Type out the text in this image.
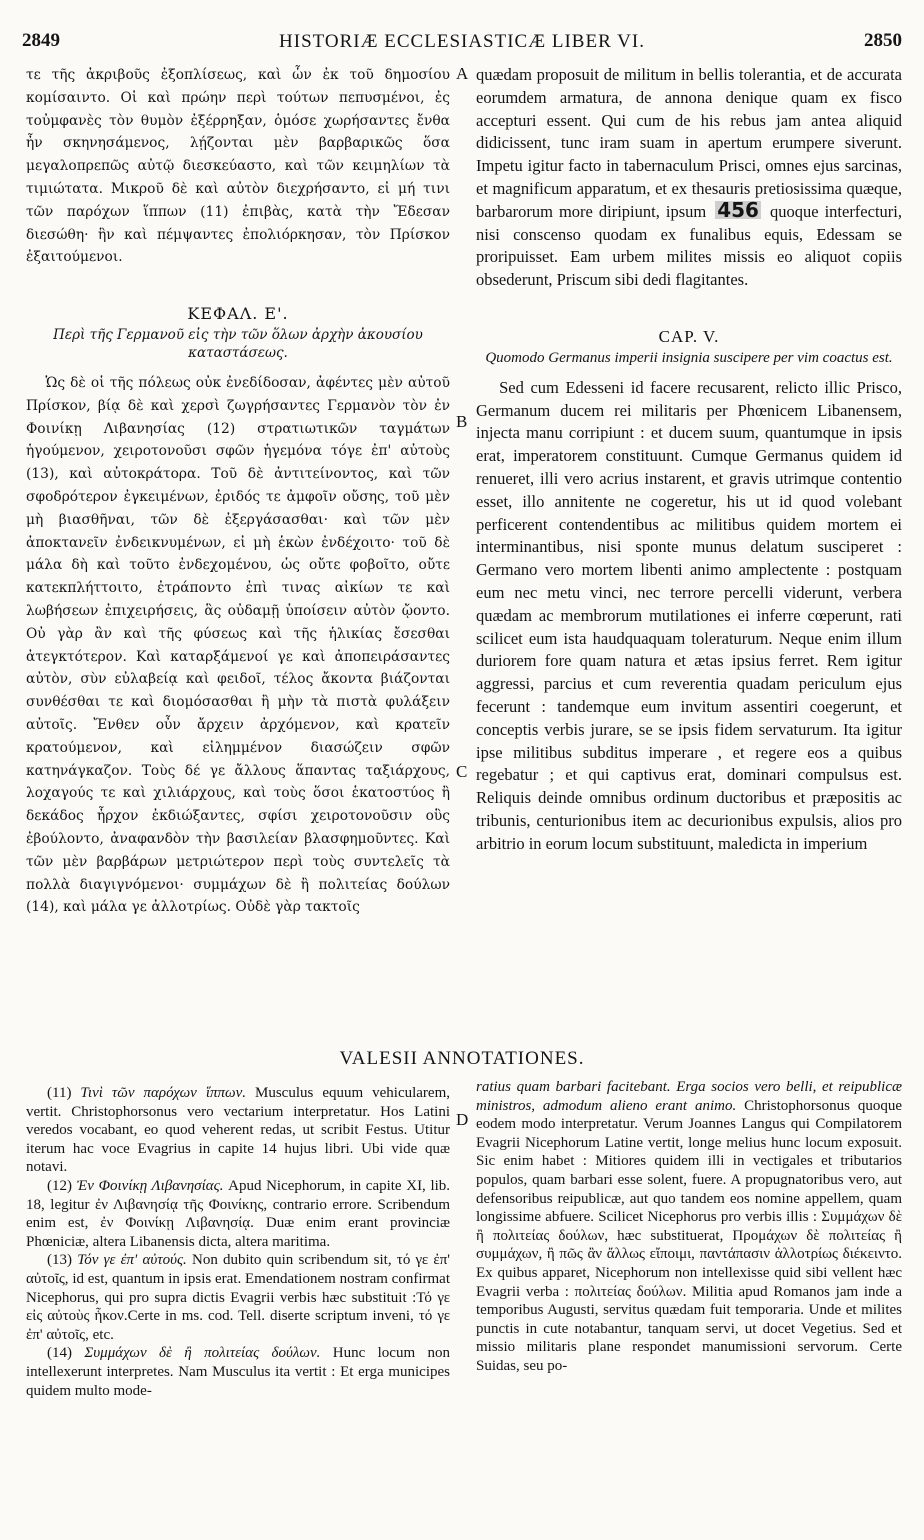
2849	HISTORIÆ ECCLESIASTICÆ LIBER VI.	2850
A
B
C
D

τε τῆς ἀκριβοῦς ἐξοπλίσεως, καὶ ὧν ἐκ τοῦ δημοσίου κομίσαιντο. Οἱ καὶ πρώην περὶ τούτων πεπυσμένοι, ἐς τοὐμφανὲς τὸν θυμὸν ἐξέρρηξαν, ὁμόσε χωρήσαντες ἔνθα ἦν σκηνησάμενος, λῄζονται μὲν βαρβαρικῶς ὅσα μεγαλοπρεπῶς αὐτῷ διεσκεύαστο, καὶ τῶν κειμηλίων τὰ τιμιώτατα. Μικροῦ δὲ καὶ αὐτὸν διεχρήσαντο, εἰ μή τινι τῶν παρόχων ἵππων (11) ἐπιβὰς, κατὰ τὴν Ἔδεσαν διεσώθη· ἣν καὶ πέμψαντες ἐπολιόρκησαν, τὸν Πρίσκον ἐξαιτούμενοι.

ΚΕΦΑΛ. Ε'.

Περὶ τῆς Γερμανοῦ εἰς τὴν τῶν ὅλων ἀρχὴν ἀκουσίου καταστάσεως.

Ὡς δὲ οἱ τῆς πόλεως οὐκ ἐνεδίδοσαν, ἀφέντες μὲν αὐτοῦ Πρίσκον, βίᾳ δὲ καὶ χερσὶ ζωγρήσαντες Γερμανὸν τὸν ἐν Φοινίκῃ Λιβανησίας (12) στρατιωτικῶν ταγμάτων ἡγούμενον, χειροτονοῦσι σφῶν ἡγεμόνα τόγε ἐπ' αὐτοὺς (13), καὶ αὐτοκράτορα. Τοῦ δὲ ἀντιτείνοντος, καὶ τῶν σφοδρότερον ἐγκειμένων, ἐριδός τε ἀμφοῖν οὔσης, τοῦ μὲν μὴ βιασθῆναι, τῶν δὲ ἐξεργάσασθαι· καὶ τῶν μὲν ἀποκτανεῖν ἐνδεικνυμένων, εἰ μὴ ἑκὼν ἐνδέχοιτο· τοῦ δὲ μάλα δὴ καὶ τοῦτο ἐνδεχομένου, ὡς οὔτε φοβοῖτο, οὔτε κατεκπλήττοιτο, ἐτράποντο ἐπὶ τινας αἰκίων τε καὶ λωβήσεων ἐπιχειρήσεις, ἃς οὐδαμῇ ὑποίσειν αὐτὸν ᾤοντο. Οὐ γὰρ ἂν καὶ τῆς φύσεως καὶ τῆς ἡλικίας ἔσεσθαι ἀτεγκτότερον. Καὶ καταρξάμενοί γε καὶ ἀποπειράσαντες αὐτὸν, σὺν εὐλαβείᾳ καὶ φειδοῖ, τέλος ἄκοντα βιάζονται συνθέσθαι τε καὶ διομόσασθαι ἢ μὴν τὰ πιστὰ φυλάξειν αὐτοῖς. Ἔνθεν οὖν ἄρχειν ἀρχόμενον, καὶ κρατεῖν κρατούμενον, καὶ εἰλημμένον διασώζειν σφῶν κατηνάγκαζον. Τοὺς δέ γε ἄλλους ἅπαντας ταξιάρχους, λοχαγούς τε καὶ χιλιάρχους, καὶ τοὺς ὅσοι ἑκατοστύος ἢ δεκάδος ἦρχον ἐκδιώξαντες, σφίσι χειροτονοῦσιν οὓς ἐβούλοντο, ἀναφανδὸν τὴν βασιλείαν βλασφημοῦντες. Καὶ τῶν μὲν βαρβάρων μετριώτερον περὶ τοὺς συντελεῖς τὰ πολλὰ διαγιγνόμενοι· συμμάχων δὲ ἢ πολιτείας δούλων (14), καὶ μάλα γε ἀλλοτρίως. Οὐδὲ γὰρ τακτοῖς

quædam proposuit de militum in bellis tolerantia, et de accurata eorumdem armatura, de annona denique quam ex fisco accepturi essent. Qui cum de his rebus jam antea aliquid didicissent, tunc iram suam in apertum erumpere siverunt. Impetu igitur facto in tabernaculum Prisci, omnes ejus sarcinas, et magnificum apparatum, et ex thesauris pretiosissima quæque, barbarorum more diripiunt, ipsum 456 quoque interfecturi, nisi conscenso quodam ex funalibus equis, Edessam se proripuisset. Eam urbem milites missis eo aliquot copiis obsederunt, Priscum sibi dedi flagitantes.

CAP. V.

Quomodo Germanus imperii insignia suscipere per vim coactus est.

Sed cum Edesseni id facere recusarent, relicto illic Prisco, Germanum ducem rei militaris per Phœnicem Libanensem, injecta manu corripiunt : et ducem suum, quantumque in ipsis erat, imperatorem constituunt. Cumque Germanus quidem id renueret, illi vero acrius instarent, et gravis utrimque contentio esset, illo annitente ne cogeretur, his ut id quod volebant perficerent contendentibus ac militibus quidem mortem ei interminantibus, nisi sponte munus delatum susciperet : Germano vero mortem libenti animo amplectente : postquam eum nec metu vinci, nec terrore percelli viderunt, verbera quædam ac membrorum mutilationes ei inferre cœperunt, rati scilicet eum ista haudquaquam toleraturum. Neque enim illum duriorem fore quam natura et ætas ipsius ferret. Rem igitur aggressi, parcius et cum reverentia quadam periculum ejus fecerunt : tandemque eum invitum assentiri coegerunt, et conceptis verbis jurare, se se ipsis fidem servaturum. Ita igitur ipse militibus subditus imperare , et regere eos a quibus regebatur ; et qui captivus erat, dominari compulsus est. Reliquis deinde omnibus ordinum ductoribus et præpositis ac tribunis, centurionibus item ac decurionibus expulsis, alios pro arbitrio in eorum locum substituunt, maledicta in imperium

VALESII ANNOTATIONES.

(11) Τινὶ τῶν παρόχων ἵππων. Musculus equum vehicularem, vertit. Christophorsonus vero vectarium interpretatur. Hos Latini veredos vocabant, eo quod veherent redas, ut scribit Festus. Utitur iterum hac voce Evagrius in capite 14 hujus libri. Ubi vide quæ notavi.

(12) Ἐν Φοινίκῃ Λιβανησίας. Apud Nicephorum, in capite XI, lib. 18, legitur ἐν Λιβανησίᾳ τῆς Φοινίκης, contrario errore. Scribendum enim est, ἐν Φοινίκῃ Λιβανησίᾳ. Duæ enim erant provinciæ Phœniciæ, altera Libanensis dicta, altera maritima.

(13) Τόν γε ἐπ' αὐτούς. Non dubito quin scribendum sit, τό γε ἐπ' αὐτοῖς, id est, quantum in ipsis erat. Emendationem nostram confirmat Nicephorus, qui pro supra dictis Evagrii verbis hæc substituit :Τό γε εἰς αὐτοὺς ἧκον.Certe in ms. cod. Tell. diserte scriptum inveni, τό γε ἐπ' αὐτοῖς, etc.

(14) Συμμάχων δὲ ἢ πολιτείας δούλων. Hunc locum non intellexerunt interpretes. Nam Musculus ita vertit : Et erga municipes quidem multo mode-

ratius quam barbari facitebant. Erga socios vero belli, et reipublicæ ministros, admodum alieno erant animo. Christophorsonus quoque eodem modo interpretatur. Verum Joannes Langus qui Compilatorem Evagrii Nicephorum Latine vertit, longe melius hunc locum exposuit. Sic enim habet : Mitiores quidem illi in vectigales et tributarios populos, quam barbari esse solent, fuere. A propugnatoribus vero, aut defensoribus reipublicæ, aut quo tandem eos nomine appellem, quam longissime abfuere. Scilicet Nicephorus pro verbis illis : Συμμάχων δὲ ἢ πολιτείας δούλων, hæc substituerat, Προμάχων δὲ πολιτείας ἢ συμμάχων, ἢ πῶς ἂν ἄλλως εἴποιμι, παντάπασιν ἀλλοτρίως διέκειντο. Ex quibus apparet, Nicephorum non intellexisse quid sibi vellent hæc Evagrii verba : πολιτείας δούλων. Militia apud Romanos jam inde a temporibus Augusti, servitus quædam fuit temporaria. Unde et milites punctis in cute notabantur, tanquam servi, ut docet Vegetius. Sed et missio militaris plane respondet manumissioni servorum. Certe Suidas, seu po-
